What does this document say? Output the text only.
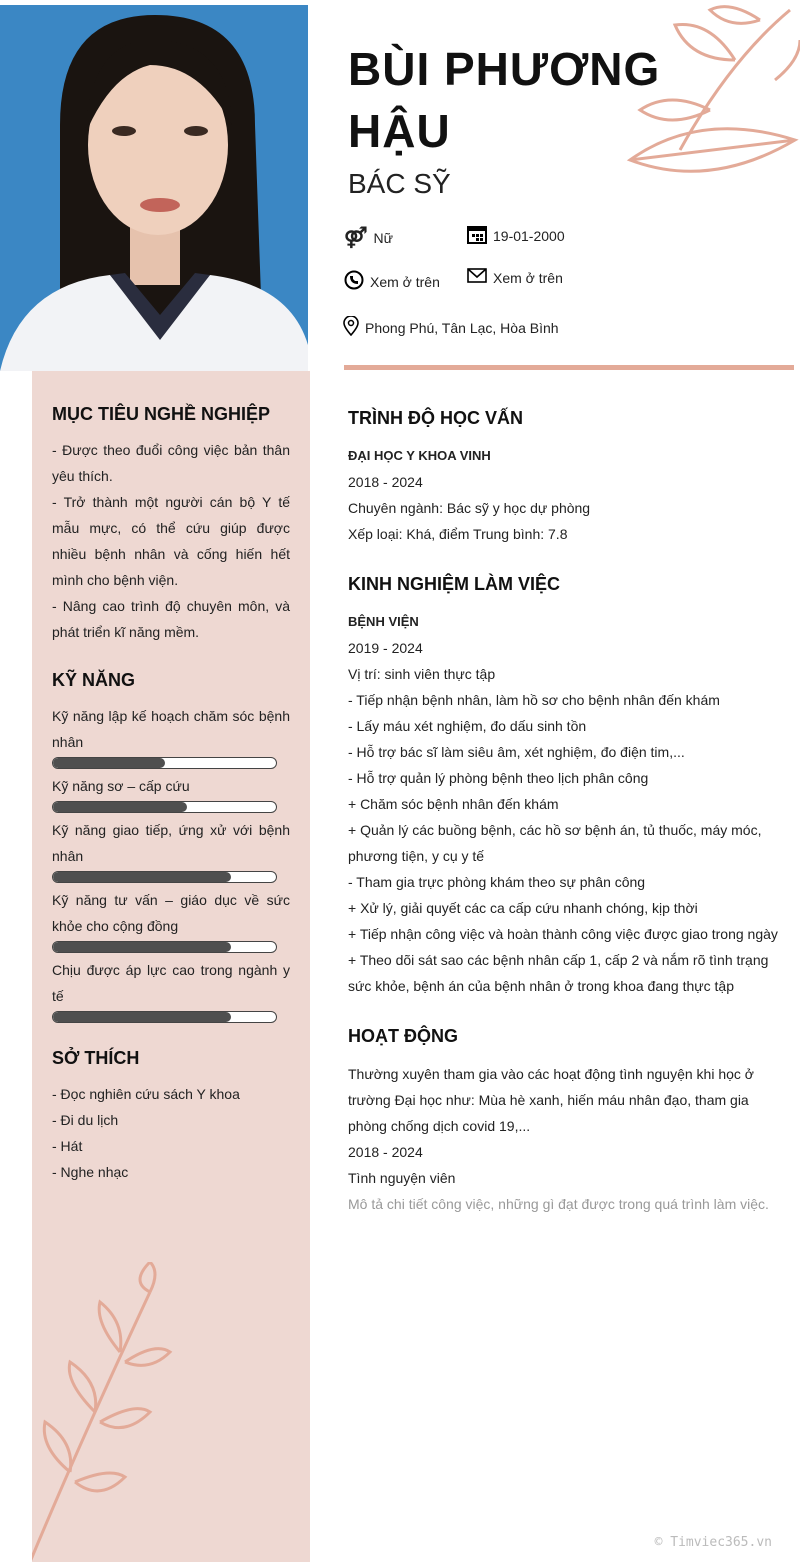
MỤC TIÊU NGHỀ NGHIỆP
- Được theo đuổi công việc bản thân yêu thích.
- Trở thành một người cán bộ Y tế mẫu mực, có thể cứu giúp được nhiều bệnh nhân và cống hiến hết mình cho bệnh viện.
- Nâng cao trình độ chuyên môn, và phát triển kĩ năng mềm.
KỸ NĂNG
Kỹ năng lập kế hoạch chăm sóc bệnh nhân
Kỹ năng sơ – cấp cứu
Kỹ năng giao tiếp, ứng xử với bệnh nhân
Kỹ năng tư vấn – giáo dục về sức khỏe cho cộng đồng
Chịu được áp lực cao trong ngành y tế
SỞ THÍCH
- Đọc nghiên cứu sách Y khoa
- Đi du lịch
- Hát
- Nghe nhạc
BÙI PHƯƠNG HẬU
BÁC SỸ
⚤ Nữ	19-01-2000
Xem ở trên	Xem ở trên
Phong Phú, Tân Lạc, Hòa Bình
TRÌNH ĐỘ HỌC VẤN
ĐẠI HỌC Y KHOA VINH
2018 - 2024
Chuyên ngành: Bác sỹ y học dự phòng
Xếp loại: Khá, điểm Trung bình: 7.8
KINH NGHIỆM LÀM VIỆC
BỆNH VIỆN
2019 - 2024
Vị trí: sinh viên thực tập
- Tiếp nhận bệnh nhân, làm hồ sơ cho bệnh nhân đến khám
- Lấy máu xét nghiệm, đo dấu sinh tồn
- Hỗ trợ bác sĩ làm siêu âm, xét nghiệm, đo điện tim,...
- Hỗ trợ quản lý phòng bệnh theo lịch phân công
+ Chăm sóc bệnh nhân đến khám
+ Quản lý các buồng bệnh, các hồ sơ bệnh án, tủ thuốc, máy móc, phương tiện, y cụ y tế
- Tham gia trực phòng khám theo sự phân công
+ Xử lý, giải quyết các ca cấp cứu nhanh chóng, kịp thời
+ Tiếp nhận công việc và hoàn thành công việc được giao trong ngày
+ Theo dõi sát sao các bệnh nhân cấp 1, cấp 2 và nắm rõ tình trạng sức khỏe, bệnh án của bệnh nhân ở trong khoa đang thực tập
HOẠT ĐỘNG
Thường xuyên tham gia vào các hoạt động tình nguyện khi học ở trường Đại học như: Mùa hè xanh, hiến máu nhân đạo, tham gia phòng chống dịch covid 19,...
2018 - 2024
Tình nguyện viên
Mô tả chi tiết công việc, những gì đạt được trong quá trình làm việc.
© Timviec365.vn
